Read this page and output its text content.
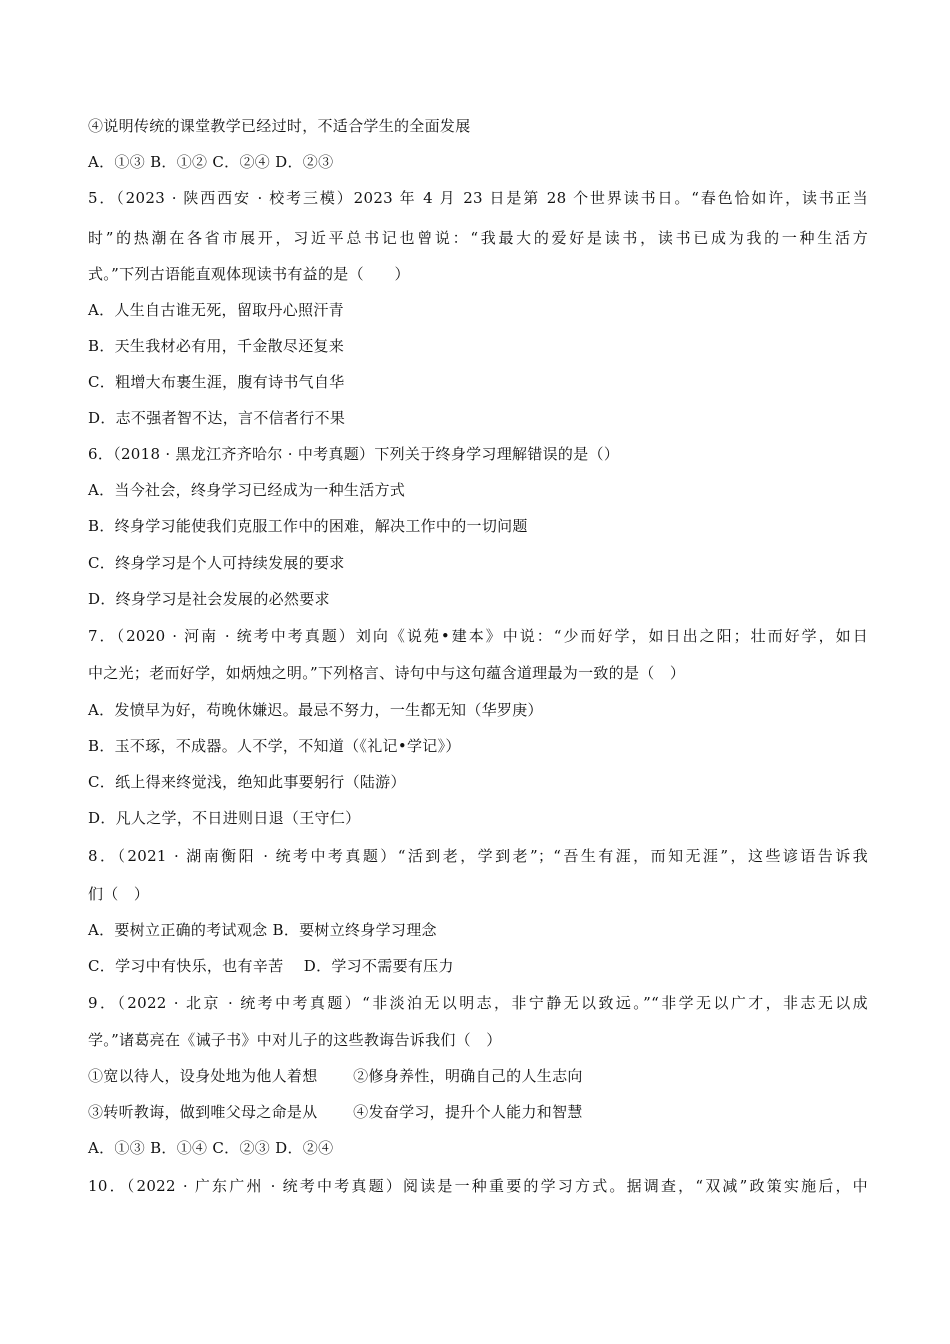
④说明传统的课堂教学已经过时，不适合学生的全面发展
A．①③ B．①② C．②④ D．②③
5．（2023 · 陕西西安 · 校考三模）2023 年 4 月 23 日是第 28 个世界读书日。“春色恰如许，读书正当
时”的热潮在各省市展开，习近平总书记也曾说：“我最大的爱好是读书，读书已成为我的一种生活方
式。”下列古语能直观体现读书有益的是（　　）
A．人生自古谁无死，留取丹心照汗青
B．天生我材必有用，千金散尽还复来
C．粗增大布裹生涯，腹有诗书气自华
D．志不强者智不达，言不信者行不果
6．（2018 · 黑龙江齐齐哈尔 · 中考真题）下列关于终身学习理解错误的是（）
A．当今社会，终身学习已经成为一种生活方式
B．终身学习能使我们克服工作中的困难，解决工作中的一切问题
C．终身学习是个人可持续发展的要求
D．终身学习是社会发展的必然要求
7．（2020 · 河南 · 统考中考真题）刘向《说苑•建本》中说：“少而好学，如日出之阳；壮而好学，如日
中之光；老而好学，如炳烛之明。”下列格言、诗句中与这句蕴含道理最为一致的是（　）
A．发愤早为好，苟晚休嫌迟。最忌不努力，一生都无知（华罗庚）
B．玉不琢，不成器。人不学，不知道（《礼记•学记》）
C．纸上得来终觉浅，绝知此事要躬行（陆游）
D．凡人之学，不日进则日退（王守仁）
8．（2021 · 湖南衡阳 · 统考中考真题）“活到老，学到老”；“吾生有涯，而知无涯”，这些谚语告诉我
们（　）
A．要树立正确的考试观念 B．要树立终身学习理念
C．学习中有快乐，也有辛苦　 D．学习不需要有压力
9．（2022 · 北京 · 统考中考真题）“非淡泊无以明志，非宁静无以致远。”“非学无以广才，非志无以成
学。”诸葛亮在《诫子书》中对儿子的这些教诲告诉我们（　）
①宽以待人，设身处地为他人着想　　 ②修身养性，明确自己的人生志向
③转听教诲，做到唯父母之命是从　　 ④发奋学习，提升个人能力和智慧
A．①③ B．①④ C．②③ D．②④
10．（2022 · 广东广州 · 统考中考真题）阅读是一种重要的学习方式。据调查，“双减”政策实施后，中
